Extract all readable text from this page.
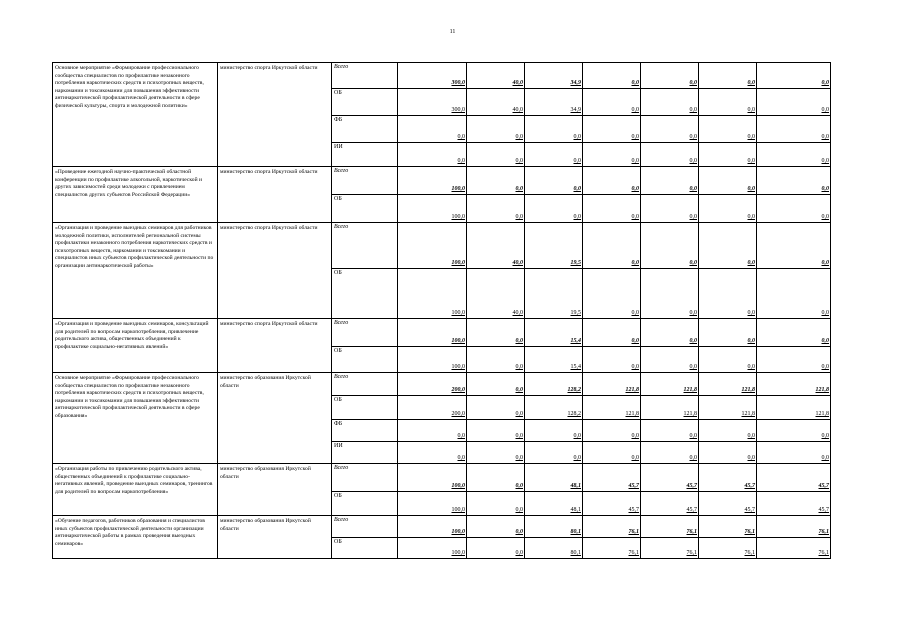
11
Основное мероприятие «Формирование профессионального сообщества специалистов по профилактике незаконного потребления наркотических средств и психотропных веществ, наркомании и токсикомании для повышения эффективности антинаркотической профилактической деятельности в сфере физической культуры, спорта и молодежной политики»	министерство спорта Иркутской области	Всего	300,0	40,0	34,9	0,0	0,0	0,0	0,0
		ОБ	300,0	40,0	34,9	0,0	0,0	0,0	0,0
		ФБ	0,0	0,0	0,0	0,0	0,0	0,0	0,0
		ИИ	0,0	0,0	0,0	0,0	0,0	0,0	0,0
«Проведение ежегодной научно-практической областной конференции по профилактике алкогольной, наркотической и других зависимостей среди молодежи с привлечением специалистов других субъектов Российской Федерации»	министерство спорта Иркутской области	Всего	100,0	0,0	0,0	0,0	0,0	0,0	0,0
		ОБ	100,0	0,0	0,0	0,0	0,0	0,0	0,0
«Организация и проведение выездных семинаров для работников молодежной политики, исполнителей региональной системы профилактики незаконного потребления наркотических средств и психотропных веществ, наркомании и токсикомании и специалистов иных субъектов профилактической деятельности по организации антинаркотической работы»	министерство спорта Иркутской области	Всего	100,0	40,0	19,5	0,0	0,0	0,0	0,0
		ОБ	100,0	40,0	19,5	0,0	0,0	0,0	0,0
«Организация и проведение выездных семинаров, консультаций для родителей по вопросам наркопотребления, привлечение родительского актива, общественных объединений к профилактике социально-негативных явлений»	министерство спорта Иркутской области	Всего	100,0	0,0	15,4	0,0	0,0	0,0	0,0
		ОБ	100,0	0,0	15,4	0,0	0,0	0,0	0,0
Основное мероприятие «Формирование профессионального сообщества специалистов по профилактике незаконного потребления наркотических средств и психотропных веществ, наркомании и токсикомании для повышения эффективности антинаркотической профилактической деятельности в сфере образования»	министерство образования Иркутской области	Всего	200,0	0,0	128,2	121,8	121,8	121,8	121,8
		ОБ	200,0	0,0	128,2	121,8	121,8	121,8	121,8
		ФБ	0,0	0,0	0,0	0,0	0,0	0,0	0,0
		ИИ	0,0	0,0	0,0	0,0	0,0	0,0	0,0
«Организация работы по привлечению родительского актива, общественных объединений к профилактике социально-негативных явлений, проведение выездных семинаров, тренингов для родителей по вопросам наркопотребления»	министерство образования Иркутской области	Всего	100,0	0,0	48,1	45,7	45,7	45,7	45,7
		ОБ	100,0	0,0	48,1	45,7	45,7	45,7	45,7
«Обучение педагогов, работников образования и специалистов иных субъектов профилактической деятельности организации антинаркотической работы в рамках проведения выездных семинаров»	министерство образования Иркутской области	Всего	100,0	0,0	80,1	76,1	76,1	76,1	76,1
		ОБ	100,0	0,0	80,1	76,1	76,1	76,1	76,1
